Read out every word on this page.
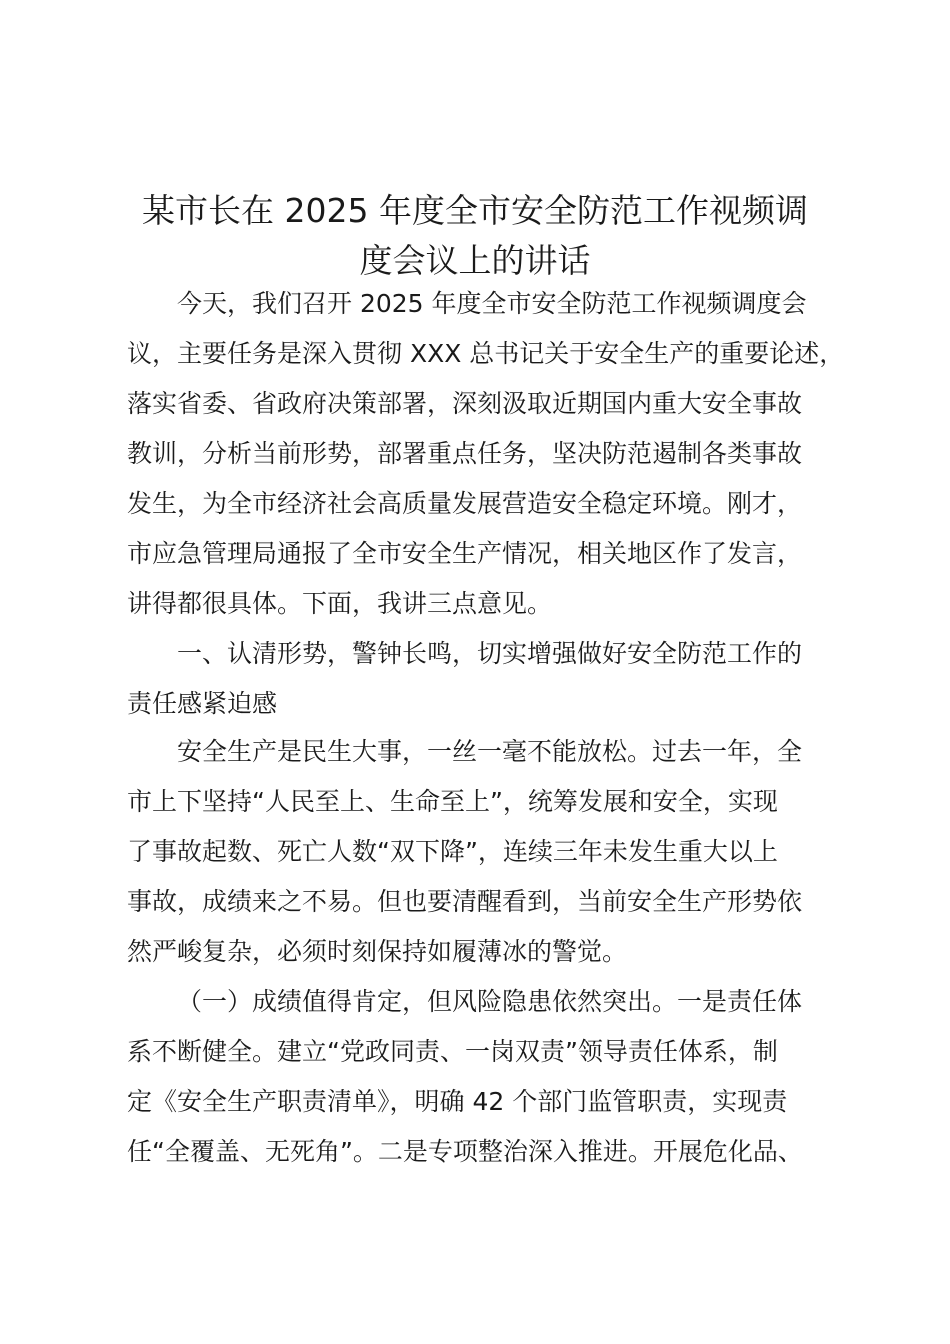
某市长在 2025 年度全市安全防范工作视频调
度会议上的讲话
今天，我们召开 2025 年度全市安全防范工作视频调度会
议，主要任务是深入贯彻 XXX 总书记关于安全生产的重要论述，
落实省委、省政府决策部署，深刻汲取近期国内重大安全事故
教训，分析当前形势，部署重点任务，坚决防范遏制各类事故
发生，为全市经济社会高质量发展营造安全稳定环境。刚才，
市应急管理局通报了全市安全生产情况，相关地区作了发言，
讲得都很具体。下面，我讲三点意见。
一、认清形势，警钟长鸣，切实增强做好安全防范工作的
责任感紧迫感
安全生产是民生大事，一丝一毫不能放松。过去一年，全
市上下坚持“人民至上、生命至上”，统筹发展和安全，实现
了事故起数、死亡人数“双下降”，连续三年未发生重大以上
事故，成绩来之不易。但也要清醒看到，当前安全生产形势依
然严峻复杂，必须时刻保持如履薄冰的警觉。
（一）成绩值得肯定，但风险隐患依然突出。一是责任体
系不断健全。建立“党政同责、一岗双责”领导责任体系，制
定《安全生产职责清单》，明确 42 个部门监管职责，实现责
任“全覆盖、无死角”。二是专项整治深入推进。开展危化品、
